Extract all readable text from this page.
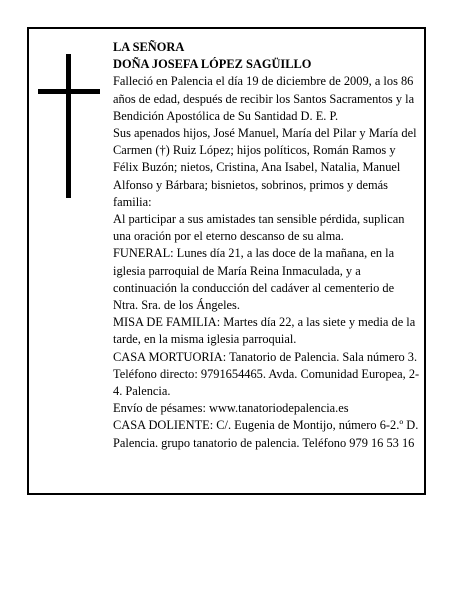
LA SEÑORA

DOÑA JOSEFA LÓPEZ SAGÜILLO

Falleció en Palencia el día 19 de diciembre de 2009, a los 86 años de edad, después de recibir los Santos Sacramentos y la Bendición Apostólica de Su Santidad D. E. P.

Sus apenados hijos, José Manuel, María del Pilar y María del Carmen (†) Ruiz López; hijos políticos, Román Ramos y Félix Buzón; nietos, Cristina, Ana Isabel, Natalia, Manuel Alfonso y Bárbara; bisnietos, sobrinos, primos y demás familia:

Al participar a sus amistades tan sensible pérdida, suplican una oración por el eterno descanso de su alma.

FUNERAL: Lunes día 21, a las doce de la mañana, en la iglesia parroquial de María Reina Inmaculada, y a continuación la conducción del cadáver al cementerio de Ntra. Sra. de los Ángeles.

MISA DE FAMILIA: Martes día 22, a las siete y media de la tarde, en la misma iglesia parroquial.

CASA MORTUORIA: Tanatorio de Palencia. Sala número 3. Teléfono directo: 9791654465. Avda. Comunidad Europea, 2-4. Palencia.

Envío de pésames: www.tanatoriodepalencia.es

CASA DOLIENTE: C/. Eugenia de Montijo, número 6-2.º D. Palencia. grupo tanatorio de palencia. Teléfono 979 16 53 16
